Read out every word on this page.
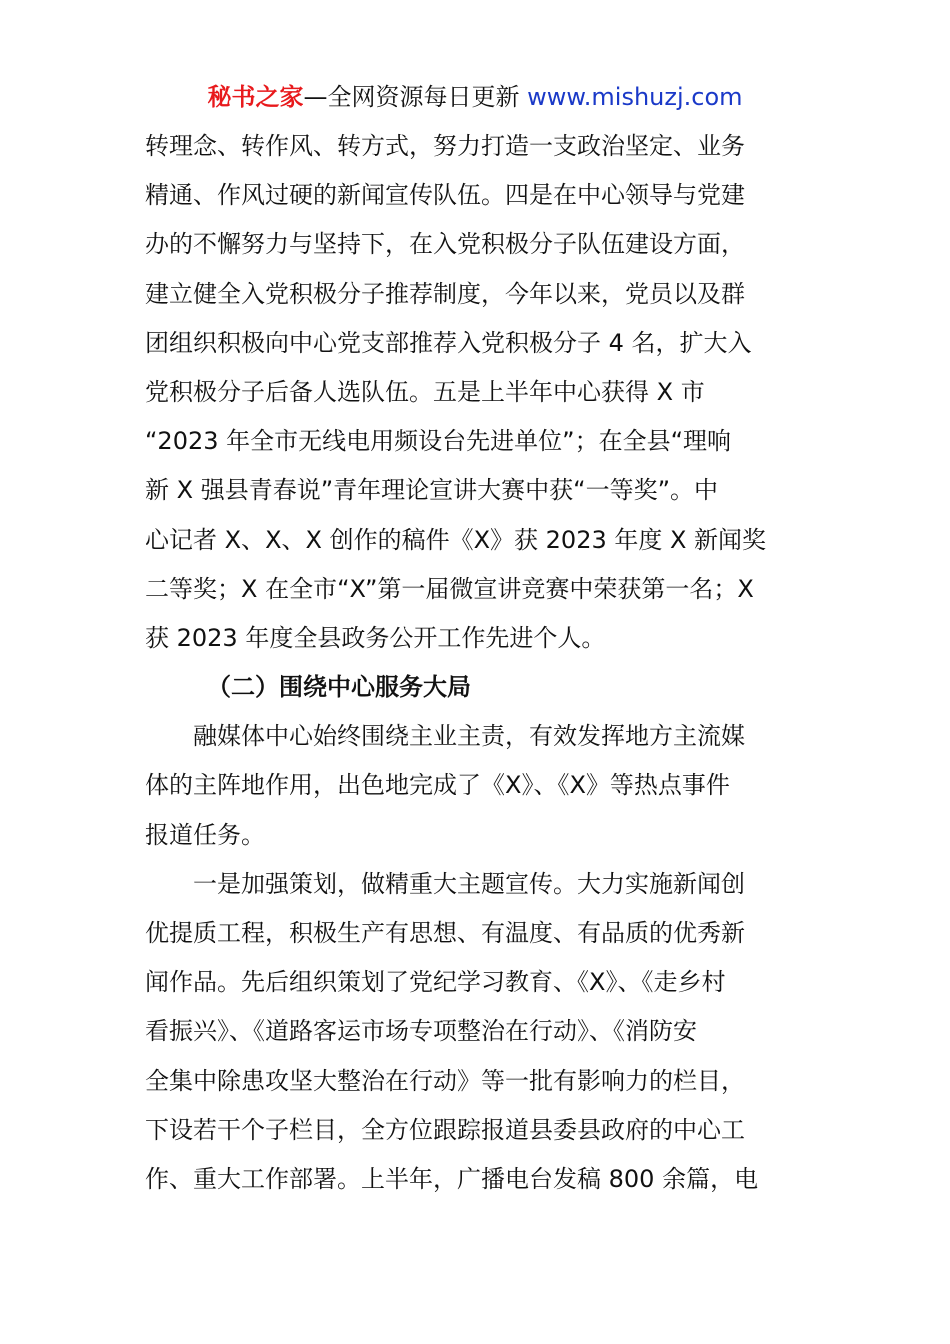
秘书之家—全网资源每日更新 www.mishuzj.com
转理念、转作风、转方式，努力打造一支政治坚定、业务
精通、作风过硬的新闻宣传队伍。四是在中心领导与党建
办的不懈努力与坚持下，在入党积极分子队伍建设方面，
建立健全入党积极分子推荐制度，今年以来，党员以及群
团组织积极向中心党支部推荐入党积极分子 4 名，扩大入
党积极分子后备人选队伍。五是上半年中心获得 X 市
“2023 年全市无线电用频设台先进单位”；在全县“理响
新 X 强县青春说”青年理论宣讲大赛中获“一等奖”。中
心记者 X、X、X 创作的稿件《X》获 2023 年度 X 新闻奖
二等奖；X 在全市“X”第一届微宣讲竞赛中荣获第一名；X
获 2023 年度全县政务公开工作先进个人。
（二）围绕中心服务大局
融媒体中心始终围绕主业主责，有效发挥地方主流媒
体的主阵地作用，出色地完成了《X》、《X》等热点事件
报道任务。
一是加强策划，做精重大主题宣传。大力实施新闻创
优提质工程，积极生产有思想、有温度、有品质的优秀新
闻作品。先后组织策划了党纪学习教育、《X》、《走乡村
看振兴》、《道路客运市场专项整治在行动》、《消防安
全集中除患攻坚大整治在行动》等一批有影响力的栏目，
下设若干个子栏目，全方位跟踪报道县委县政府的中心工
作、重大工作部署。上半年，广播电台发稿 800 余篇，电
